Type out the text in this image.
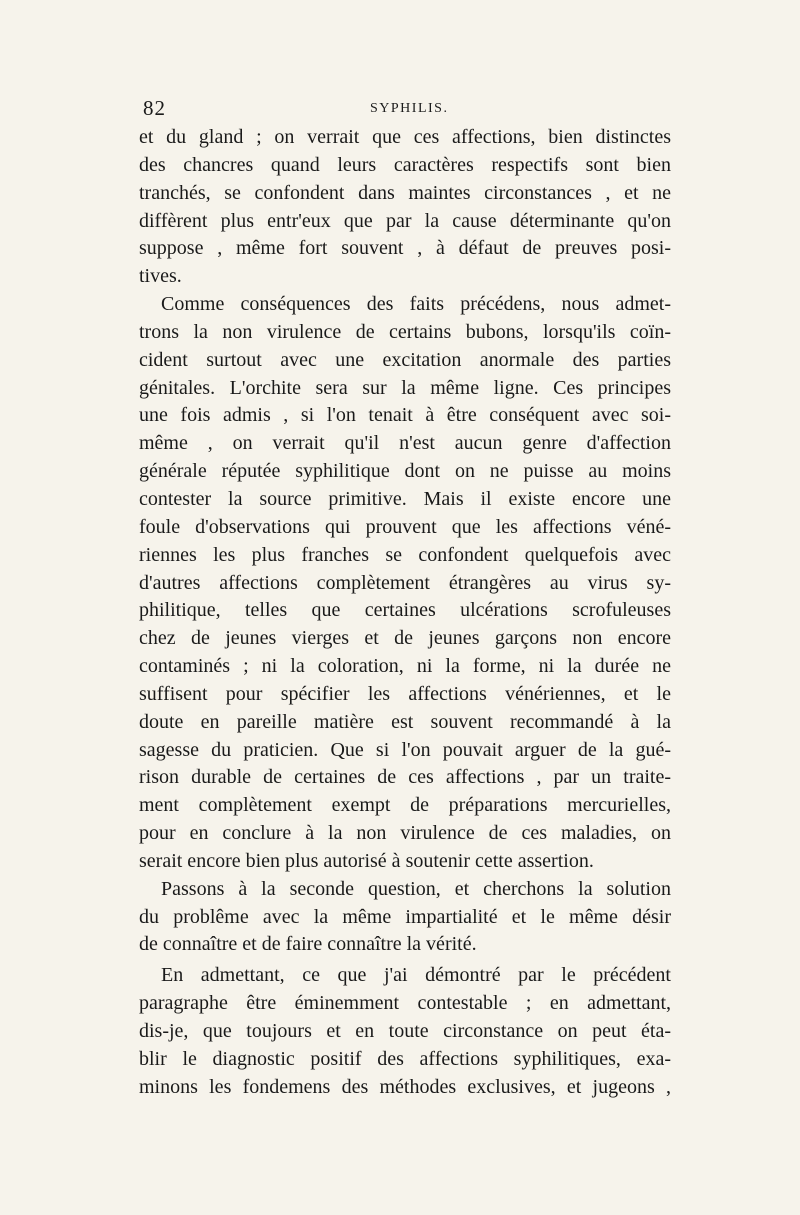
82	SYPHILIS.
et du gland ; on verrait que ces affections, bien distinctes
des chancres quand leurs caractères respectifs sont bien
tranchés, se confondent dans maintes circonstances , et ne
diffèrent plus entr'eux que par la cause déterminante qu'on
suppose , même fort souvent , à défaut de preuves posi-
tives.
Comme conséquences des faits précédens, nous admet-
trons la non virulence de certains bubons, lorsqu'ils coïn-
cident surtout avec une excitation anormale des parties
génitales. L'orchite sera sur la même ligne. Ces principes
une fois admis , si l'on tenait à être conséquent avec soi-
même , on verrait qu'il n'est aucun genre d'affection
générale réputée syphilitique dont on ne puisse au moins
contester la source primitive. Mais il existe encore une
foule d'observations qui prouvent que les affections véné-
riennes les plus franches se confondent quelquefois avec
d'autres affections complètement étrangères au virus sy-
philitique, telles que certaines ulcérations scrofuleuses
chez de jeunes vierges et de jeunes garçons non encore
contaminés ; ni la coloration, ni la forme, ni la durée ne
suffisent pour spécifier les affections vénériennes, et le
doute en pareille matière est souvent recommandé à la
sagesse du praticien. Que si l'on pouvait arguer de la gué-
rison durable de certaines de ces affections , par un traite-
ment complètement exempt de préparations mercurielles,
pour en conclure à la non virulence de ces maladies, on
serait encore bien plus autorisé à soutenir cette assertion.
Passons à la seconde question, et cherchons la solution
du problême avec la même impartialité et le même désir
de connaître et de faire connaître la vérité.
En admettant, ce que j'ai démontré par le précédent
paragraphe être éminemment contestable ; en admettant,
dis-je, que toujours et en toute circonstance on peut éta-
blir le diagnostic positif des affections syphilitiques, exa-
minons les fondemens des méthodes exclusives, et jugeons ,
